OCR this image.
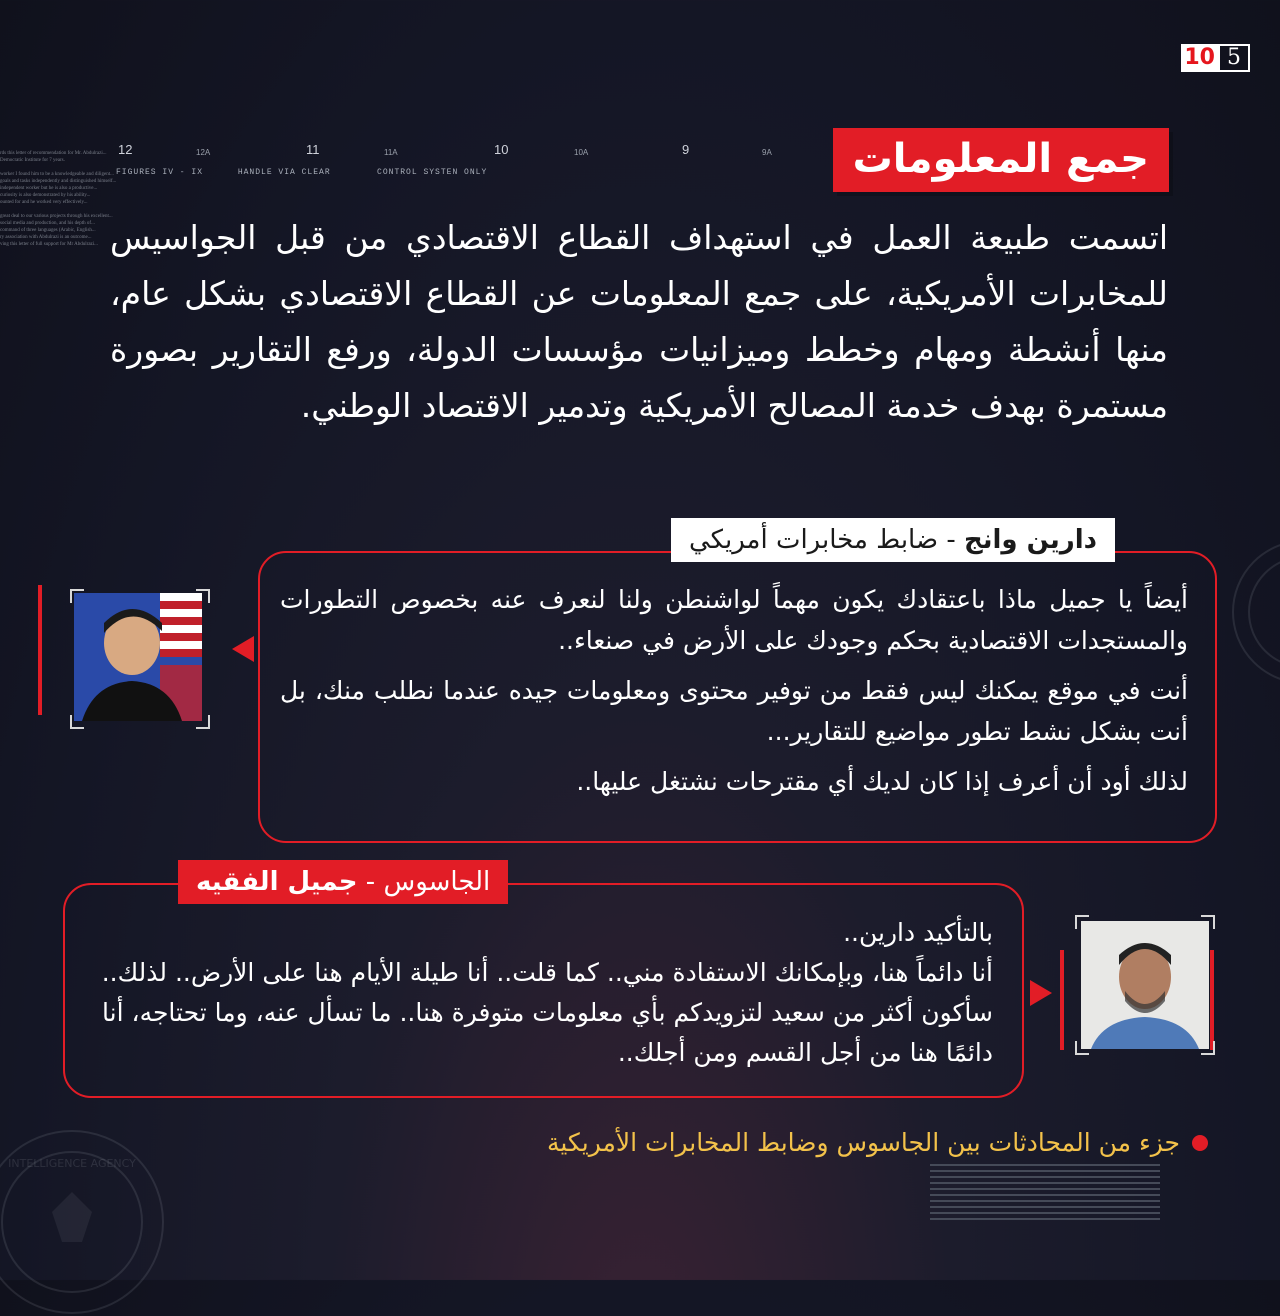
10 5
rds this letter of recommendation for Mr. Abdulrazi...
Democratic Institute for 7 years.

worker I found him to be a knowledgeable and diligent...
goals and tasks independently and distinguished himself...
independent worker but he is also a productive...
curiosity is also demonstrated by his ability...
ounted for and he worked very effectively...

great deal to our various projects through his excellent...
social media and production, and his depth of...
command of three languages (Arabic, English...
ry association with Abdulrazi is an outcome...
ving this letter of full support for Mr Abdulrazi...
12	12A	11	11A	10	10A	9	9A
FIGURES IV - IX      HANDLE VIA CLEAR        CONTROL SYSTEN ONLY
INTELLIGENCE AGENCY
جمع المعلومات

اتسمت طبيعة العمل في استهداف القطاع الاقتصادي من قبل الجواسيس للمخابرات الأمريكية، على جمع المعلومات عن القطاع الاقتصادي بشكل عام، منها أنشطة ومهام وخطط وميزانيات مؤسسات الدولة، ورفع التقارير بصورة مستمرة بهدف خدمة المصالح الأمريكية وتدمير الاقتصاد الوطني.

دارين وانج - ضابط مخابرات أمريكي

أيضاً يا جميل ماذا باعتقادك يكون مهماً لواشنطن ولنا لنعرف عنه بخصوص التطورات والمستجدات الاقتصادية بحكم وجودك على الأرض في صنعاء..

أنت في موقع يمكنك ليس فقط من توفير محتوى ومعلومات جيده عندما نطلب منك، بل أنت بشكل نشط تطور مواضيع للتقارير...

لذلك أود أن أعرف إذا كان لديك أي مقترحات نشتغل عليها..

الجاسوس - جميل الفقيه

بالتأكيد دارين..

أنا دائماً هنا، وبإمكانك الاستفادة مني.. كما قلت.. أنا طيلة الأيام هنا على الأرض.. لذلك.. سأكون أكثر من سعيد لتزويدكم بأي معلومات متوفرة هنا.. ما تسأل عنه، وما تحتاجه، أنا دائمًا هنا من أجل القسم ومن أجلك..

جزء من المحادثات بين الجاسوس وضابط المخابرات الأمريكية
